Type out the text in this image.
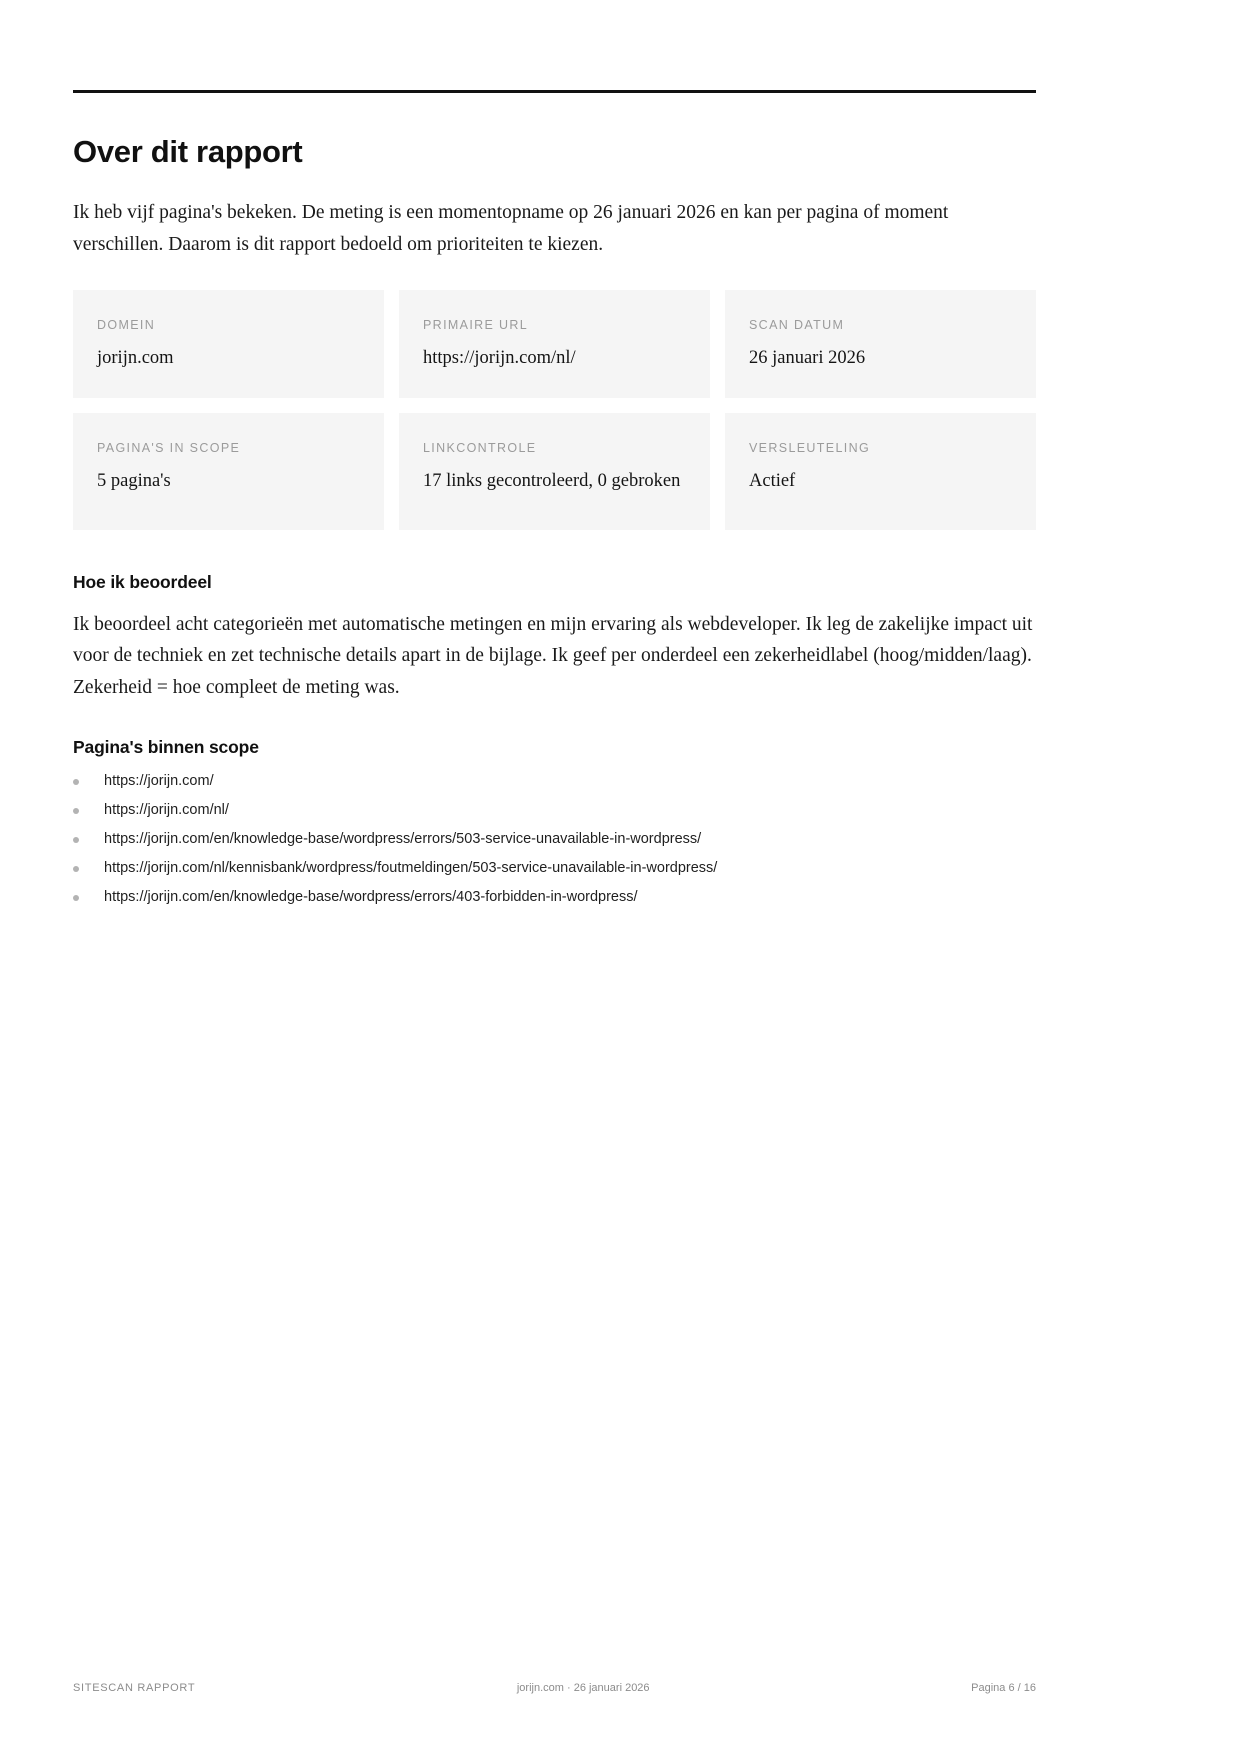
Over dit rapport

Ik heb vijf pagina's bekeken. De meting is een momentopname op 26 januari 2026 en kan per pagina of moment verschillen. Daarom is dit rapport bedoeld om prioriteiten te kiezen.

DOMEIN
jorijn.com
PRIMAIRE URL
https://jorijn.com/nl/
SCAN DATUM
26 januari 2026
PAGINA'S IN SCOPE
5 pagina's
LINKCONTROLE
17 links gecontroleerd, 0 gebroken
VERSLEUTELING
Actief
Hoe ik beoordeel

Ik beoordeel acht categorieën met automatische metingen en mijn ervaring als webdeveloper. Ik leg de zakelijke impact uit voor de techniek en zet technische details apart in de bijlage. Ik geef per onderdeel een zekerheidlabel (hoog/midden/laag). Zekerheid = hoe compleet de meting was.

Pagina's binnen scope
https://jorijn.com/
https://jorijn.com/nl/
https://jorijn.com/en/knowledge-base/wordpress/errors/503-service-unavailable-in-wordpress/
https://jorijn.com/nl/kennisbank/wordpress/foutmeldingen/503-service-unavailable-in-wordpress/
https://jorijn.com/en/knowledge-base/wordpress/errors/403-forbidden-in-wordpress/
SITESCAN RAPPORT	jorijn.com · 26 januari 2026	Pagina 6 / 16
